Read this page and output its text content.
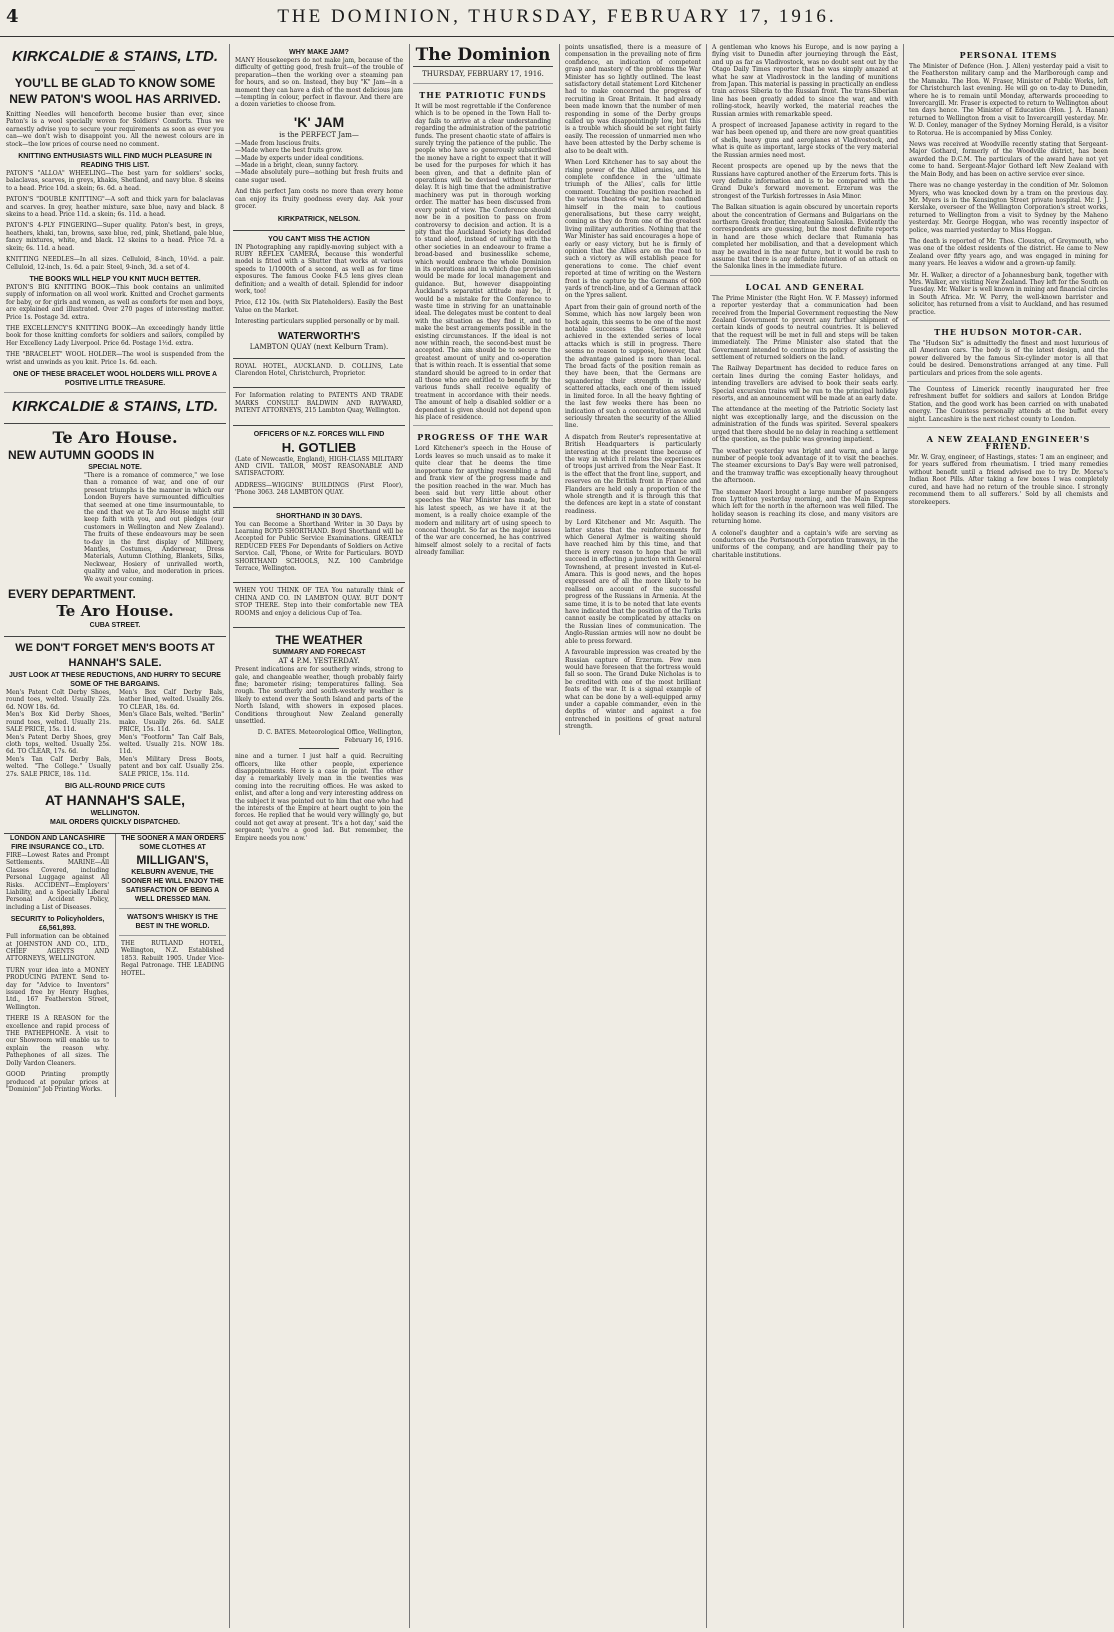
4	THE DOMINION, THURSDAY, FEBRUARY 17, 1916.
KIRKCALDIE & STAINS, LTD.
YOU'LL BE GLAD TO KNOW SOME NEW PATON'S WOOL HAS ARRIVED.

Knitting Needles will henceforth become busier than ever, since Paton's is a wool specially woven for Soldiers' Comforts. Thus we earnestly advise you to secure your requirements as soon as ever you can—we don't wish to disappoint you. All the newest colours are in stock—the low prices of course need no comment.

KNITTING ENTHUSIASTS WILL FIND MUCH PLEASURE IN READING THIS LIST.

PATON'S "ALLOA" WHEELING—The best yarn for soldiers' socks, balaclavas, scarves, in greys, khakis, Shetland, and navy blue. 8 skeins to a head. Price 10d. a skein; 6s. 6d. a head.

PATON'S "DOUBLE KNITTING"—A soft and thick yarn for balaclavas and scarves. In grey, heather mixture, saxe blue, navy and black. 8 skeins to a head. Price 11d. a skein; 6s. 11d. a head.

PATON'S 4-PLY FINGERING—Super quality. Paton's best, in greys, heathers, khaki, tan, browns, saxe blue, red, pink, Shetland, pale blue, fancy mixtures, white, and black. 12 skeins to a head. Price 7d. a skein; 6s. 11d. a head.

KNITTING NEEDLES—In all sizes. Celluloid, 8-inch, 10½d. a pair. Celluloid, 12-inch, 1s. 6d. a pair. Steel, 9-inch, 3d. a set of 4.

THE BOOKS WILL HELP YOU KNIT MUCH BETTER.

PATON'S BIG KNITTING BOOK—This book contains an unlimited supply of information on all wool work. Knitted and Crochet garments for baby, or for girls and women, as well as comforts for men and boys, are explained and illustrated. Over 270 pages of interesting matter. Price 1s. Postage 3d. extra.

THE EXCELLENCY'S KNITTING BOOK—An exceedingly handy little book for those knitting comforts for soldiers and sailors, compiled by Her Excellency Lady Liverpool. Price 6d. Postage 1½d. extra.

THE "BRACELET" WOOL HOLDER—The wool is suspended from the wrist and unwinds as you knit. Price 1s. 6d. each.

ONE OF THESE BRACELET WOOL HOLDERS WILL PROVE A POSITIVE LITTLE TREASURE.
KIRKCALDIE & STAINS, LTD.
Te Aro House.
NEW AUTUMN GOODS IN
SPECIAL NOTE.

"There is a romance of commerce," we lose than a romance of war, and one of our present triumphs is the manner in which our London Buyers have surmounted difficulties that seemed at one time insurmountable, to the end that we at Te Aro House might still keep faith with you, and out pledges (our customers in Wellington and New Zealand). The fruits of these endeavours may be seen to-day in the first display of Millinery, Mantles, Costumes, Anderwear, Dress Materials, Autumn Clothing, Blankets, Silks, Neckwear, Hosiery of unrivalled worth, quality and value, and moderation in prices. We await your coming.

EVERY DEPARTMENT.
Te Aro House.
CUBA STREET.
WE DON'T FORGET MEN'S BOOTS AT HANNAH'S SALE.
JUST LOOK AT THESE REDUCTIONS, AND HURRY TO SECURE SOME OF THE BARGAINS.

Men's Patent Colt Derby Shoes, round toes, welted. Usually 22s. 6d. NOW 18s. 6d.
Men's Box Kid Derby Shoes, round toes, welted. Usually 21s. SALE PRICE, 15s. 11d.
Men's Patent Derby Shoes, grey cloth tops, welted. Usually 25s. 6d. TO CLEAR, 17s. 6d.
Men's Tan Calf Derby Bals, welted. "The College." Usually 27s. SALE PRICE, 18s. 11d.

Men's Box Calf Derby Bals, leather lined, welted. Usually 26s. TO CLEAR, 18s. 6d.
Men's Glace Bals, welted. "Berlin" make. Usually 26s. 6d. SALE PRICE, 15s. 11d.
Men's "Footform" Tan Calf Bals, welted. Usually 21s. NOW 18s. 11d.
Men's Military Dress Boots, patent and box calf. Usually 25s. SALE PRICE, 15s. 11d.

BIG ALL-ROUND PRICE CUTS
AT HANNAH'S SALE,
WELLINGTON.
MAIL ORDERS QUICKLY DISPATCHED.
LONDON AND LANCASHIRE FIRE INSURANCE CO., LTD.

FIRE—Lowest Rates and Prompt Settlements. MARINE—All Classes Covered, including Personal Luggage against All Risks. ACCIDENT—Employers' Liability, and a Specially Liberal Personal Accident Policy, including a List of Diseases.

SECURITY to Policyholders, £6,561,893.

Full information can be obtained at JOHNSTON AND CO., LTD., CHIEF AGENTS AND ATTORNEYS, WELLINGTON.

TURN your idea into a MONEY PRODUCING PATENT. Send to-day for "Advice to Inventors" issued free by Henry Hughes, Ltd., 167 Featherston Street, Wellington.

THERE IS A REASON for the excellence and rapid process of THE PATHEPHONE. A visit to our Showroom will enable us to explain the reason why. Pathephones of all sizes. The Dolly Vardon Cleaners.

GOOD Printing promptly produced at popular prices at "Dominion" Job Printing Works.

THE SOONER A MAN ORDERS SOME CLOTHES AT
MILLIGAN'S,
KELBURN AVENUE, THE SOONER HE WILL ENJOY THE SATISFACTION OF BEING A WELL DRESSED MAN.
WATSON'S WHISKY IS THE BEST IN THE WORLD.

THE RUTLAND HOTEL, Wellington, N.Z. Established 1853. Rebuilt 1905. Under Vice-Regal Patronage. THE LEADING HOTEL.

WHY MAKE JAM?

MANY Housekeepers do not make jam, because of the difficulty of getting good, fresh fruit—of the trouble of preparation—then the working over a steaming pan for hours, and so on. Instead, they buy "K" Jam—in a moment they can have a dish of the most delicious jam—tempting in colour, perfect in flavour. And there are a dozen varieties to choose from.

'K' JAM
is the PERFECT Jam—

—Made from luscious fruits.
—Made where the best fruits grow.
—Made by experts under ideal conditions.
—Made in a bright, clean, sunny factory.
—Made absolutely pure—nothing but fresh fruits and cane sugar used.

And this perfect Jam costs no more than every home can enjoy its fruity goodness every day. Ask your grocer.

KIRKPATRICK, NELSON.
YOU CAN'T MISS THE ACTION

IN Photographing any rapidly-moving subject with a RUBY REFLEX CAMERA, because this wonderful model is fitted with a Shutter that works at various speeds to 1/1000th of a second, as well as for time exposures. The famous Cooke F4.5 lens gives clean definition; and a wealth of detail. Splendid for indoor work, too!

Price, £12 10s. (with Six Plateholders). Easily the Best Value on the Market.

Interesting particulars supplied personally or by mail.

WATERWORTH'S
LAMBTON QUAY (next Kelburn Tram).

ROYAL HOTEL, AUCKLAND. D. COLLINS, Late Clarendon Hotel, Christchurch, Proprietor.

For Information relating to PATENTS AND TRADE MARKS CONSULT BALDWIN AND RAYWARD, PATENT ATTORNEYS, 215 Lambton Quay, Wellington.

OFFICERS OF N.Z. FORCES WILL FIND
H. GOTLIEB

(Late of Newcastle, England), HIGH-CLASS MILITARY AND CIVIL TAILOR, MOST REASONABLE AND SATISFACTORY.

ADDRESS—WIGGINS' BUILDINGS (First Floor), 'Phone 3063. 248 LAMBTON QUAY.

SHORTHAND IN 30 DAYS.

You can Become a Shorthand Writer in 30 Days by Learning BOYD SHORTHAND. Boyd Shorthand will be Accepted for Public Service Examinations. GREATLY REDUCED FEES For Dependants of Soldiers on Active Service. Call, 'Phone, or Write for Particulars. BOYD SHORTHAND SCHOOLS, N.Z. 100 Cambridge Terrace, Wellington.

WHEN YOU THINK OF TEA You naturally think of CHINA AND CO. IN LAMBTON QUAY. BUT DON'T STOP THERE. Step into their comfortable new TEA ROOMS and enjoy a delicious Cup of Tea.

THE WEATHER
SUMMARY AND FORECAST
AT 4 P.M. YESTERDAY.

Present indications are for southerly winds, strong to gale, and changeable weather, though probably fairly fine; barometer rising; temperatures falling. Sea rough. The southerly and south-westerly weather is likely to extend over the South Island and parts of the North Island, with showers in exposed places. Conditions throughout New Zealand generally unsettled.

D. C. BATES. Meteorological Office, Wellington, February 16, 1916.

nine and a turner. I just half a quid. Recruiting officers, like other people, experience disappointments. Here is a case in point. The other day a remarkably lively man in the twenties was coming into the recruiting offices. He was asked to enlist, and after a long and very interesting address on the subject it was pointed out to him that one who had the interests of the Empire at heart ought to join the forces. He replied that he would very willingly go, but could not get away at present. 'It's a hot day,' said the sergeant; 'you're a good lad. But remember, the Empire needs you now.'

The Dominion
THURSDAY, FEBRUARY 17, 1916.
THE PATRIOTIC FUNDS

It will be most regrettable if the Conference which is to be opened in the Town Hall to-day fails to arrive at a clear understanding regarding the administration of the patriotic funds. The present chaotic state of affairs is surely trying the patience of the public. The people who have so generously subscribed the money have a right to expect that it will be used for the purposes for which it has been given, and that a definite plan of operations will be devised without further delay. It is high time that the administrative machinery was put in thorough working order. The matter has been discussed from every point of view. The Conference should now be in a position to pass on from controversy to decision and action. It is a pity that the Auckland Society has decided to stand aloof, instead of uniting with the other societies in an endeavour to frame a broad-based and businesslike scheme, which would embrace the whole Dominion in its operations and in which due provision would be made for local management and guidance. But, however disappointing Auckland's separatist attitude may be, it would be a mistake for the Conference to waste time in striving for an unattainable ideal. The delegates must be content to deal with the situation as they find it, and to make the best arrangements possible in the existing circumstances. If the ideal is not now within reach, the second-best must be accepted. The aim should be to secure the greatest amount of unity and co-operation that is within reach. It is essential that some standard should be agreed to in order that all those who are entitled to benefit by the various funds shall receive equality of treatment in accordance with their needs. The amount of help a disabled soldier or a dependent is given should not depend upon his place of residence.

PROGRESS OF THE WAR

Lord Kitchener's speech in the House of Lords leaves so much unsaid as to make it quite clear that he deems the time inopportune for anything resembling a full and frank view of the progress made and the position reached in the war. Much has been said but very little about other speeches the War Minister has made, but his latest speech, as we have it at the moment, is a really choice example of the modern and military art of using speech to conceal thought. So far as the major issues of the war are concerned, he has contrived himself almost solely to a recital of facts already familiar.

points unsatisfied, there is a measure of compensation in the prevailing note of firm confidence, an indication of competent grasp and mastery of the problems the War Minister has so lightly outlined. The least satisfactory detail statement Lord Kitchener had to make concerned the progress of recruiting in Great Britain. It had already been made known that the number of men responding in some of the Derby groups called up was disappointingly low, but this is a trouble which should be set right fairly easily. The recession of unmarried men who have been attested by the Derby scheme is also to be dealt with.

When Lord Kitchener has to say about the rising power of the Allied armies, and his complete confidence in the 'ultimate triumph of the Allies', calls for little comment. Touching the position reached in the various theatres of war, he has confined himself in the main to cautious generalisations, but these carry weight, coming as they do from one of the greatest living military authorities. Nothing that the War Minister has said encourages a hope of early or easy victory, but he is firmly of opinion that the Allies are on the road to such a victory as will establish peace for generations to come. The chief event reported at time of writing on the Western front is the capture by the Germans of 600 yards of trench-line, and of a German attack on the Ypres salient.

Apart from their gain of ground north of the Somme, which has now largely been won back again, this seems to be one of the most notable successes the Germans have achieved in the extended series of local attacks which is still in progress. There seems no reason to suppose, however, that the advantage gained is more than local. The broad facts of the position remain as they have been, that the Germans are squandering their strength in widely scattered attacks, each one of them issued in limited force. In all the heavy fighting of the last few weeks there has been no indication of such a concentration as would seriously threaten the security of the Allied line.

A dispatch from Reuter's representative at British Headquarters is particularly interesting at the present time because of the way in which it relates the experiences of troops just arrived from the Near East. It is the effect that the front line, support, and reserves on the British front in France and Flanders are held only a proportion of the whole strength and it is through this that the defences are kept in a state of constant readiness.

by Lord Kitchener and Mr. Asquith. The latter states that the reinforcements for which General Aylmer is waiting should have reached him by this time, and that there is every reason to hope that he will succeed in effecting a junction with General Townshend, at present invested in Kut-el-Amara. This is good news, and the hopes expressed are of all the more likely to be realised on account of the successful progress of the Russians in Armenia. At the same time, it is to be noted that late events have indicated that the position of the Turks cannot easily be complicated by attacks on the Russian lines of communication. The Anglo-Russian armies will now no doubt be able to press forward.

A favourable impression was created by the Russian capture of Erzerum. Few men would have foreseen that the fortress would fall so soon. The Grand Duke Nicholas is to be credited with one of the most brilliant feats of the war. It is a signal example of what can be done by a well-equipped army under a capable commander, even in the depths of winter and against a foe entrenched in positions of great natural strength.

A gentleman who knows his Europe, and is now paying a flying visit to Dunedin after journeying through the East, and up as far as Vladivostock, was no doubt sent out by the Otago Daily Times reporter that he was simply amazed at what he saw at Vladivostock in the landing of munitions from Japan. This material is passing in practically an endless train across Siberia to the Russian front. The trans-Siberian line has been greatly added to since the war, and with rolling-stock, heavily worked, the material reaches the Russian armies with remarkable speed.

A prospect of increased Japanese activity in regard to the war has been opened up, and there are now great quantities of shells, heavy guns and aeroplanes at Vladivostock, and what is quite as important, large stocks of the very material the Russian armies need most.

Recent prospects are opened up by the news that the Russians have captured another of the Erzerum forts. This is very definite information and is to be compared with the Grand Duke's forward movement. Erzerum was the strongest of the Turkish fortresses in Asia Minor.

The Balkan situation is again obscured by uncertain reports about the concentration of Germans and Bulgarians on the northern Greek frontier, threatening Salonika. Evidently the correspondents are guessing, but the most definite reports in hand are those which declare that Rumania has completed her mobilisation, and that a development which may be awaited in the near future, but it would be rash to assume that there is any definite intention of an attack on the Salonika lines in the immediate future.

LOCAL AND GENERAL

The Prime Minister (the Right Hon. W. F. Massey) informed a reporter yesterday that a communication had been received from the Imperial Government requesting the New Zealand Government to prevent any further shipment of certain kinds of goods to neutral countries. It is believed that the request will be met in full and steps will be taken immediately. The Prime Minister also stated that the Government intended to continue its policy of assisting the settlement of returned soldiers on the land.

The Railway Department has decided to reduce fares on certain lines during the coming Easter holidays, and intending travellers are advised to book their seats early. Special excursion trains will be run to the principal holiday resorts, and an announcement will be made at an early date.

The attendance at the meeting of the Patriotic Society last night was exceptionally large, and the discussion on the administration of the funds was spirited. Several speakers urged that there should be no delay in reaching a settlement of the question, as the public was growing impatient.

The weather yesterday was bright and warm, and a large number of people took advantage of it to visit the beaches. The steamer excursions to Day's Bay were well patronised, and the tramway traffic was exceptionally heavy throughout the afternoon.

The steamer Maori brought a large number of passengers from Lyttelton yesterday morning, and the Main Express which left for the north in the afternoon was well filled. The holiday season is reaching its close, and many visitors are returning home.

A colonel's daughter and a captain's wife are serving as conductors on the Portsmouth Corporation tramways, in the uniforms of the company, and are handling their pay to charitable institutions.

PERSONAL ITEMS

The Minister of Defence (Hon. J. Allen) yesterday paid a visit to the Featherston military camp and the Marlborough camp and the Mamaku. The Hon. W. Fraser, Minister of Public Works, left for Christchurch last evening. He will go on to-day to Dunedin, where he is to remain until Monday, afterwards proceeding to Invercargill. Mr. Fraser is expected to return to Wellington about ten days hence. The Minister of Education (Hon. J. A. Hanan) returned to Wellington from a visit to Invercargill yesterday. Mr. W. D. Conley, manager of the Sydney Morning Herald, is a visitor to Rotorua. He is accompanied by Miss Conley.

News was received at Woodville recently stating that Sergeant-Major Gothard, formerly of the Woodville district, has been awarded the D.C.M. The particulars of the award have not yet come to hand. Sergeant-Major Gothard left New Zealand with the Main Body, and has been on active service ever since.

There was no change yesterday in the condition of Mr. Solomon Myers, who was knocked down by a tram on the previous day. Mr. Myers is in the Kensington Street private hospital. Mr. J. J. Kerslake, overseer of the Wellington Corporation's street works, returned to Wellington from a visit to Sydney by the Maheno yesterday. Mr. George Hoggan, who was recently inspector of police, was married yesterday to Miss Hoggan.

The death is reported of Mr. Thos. Clouston, of Greymouth, who was one of the oldest residents of the district. He came to New Zealand over fifty years ago, and was engaged in mining for many years. He leaves a widow and a grown-up family.

Mr. H. Walker, a director of a Johannesburg bank, together with Mrs. Walker, are visiting New Zealand. They left for the South on Tuesday. Mr. Walker is well known in mining and financial circles in South Africa. Mr. W. Perry, the well-known barrister and solicitor, has returned from a visit to Auckland, and has resumed practice.

THE HUDSON MOTOR-CAR.

The "Hudson Six" is admittedly the finest and most luxurious of all American cars. The body is of the latest design, and the power delivered by the famous Six-cylinder motor is all that could be desired. Demonstrations arranged at any time. Full particulars and prices from the sole agents.

The Countess of Limerick recently inaugurated her free refreshment buffet for soldiers and sailors at London Bridge Station, and the good work has been carried on with unabated energy. The Countess personally attends at the buffet every night. Lancashire is the next richest county to London.

A NEW ZEALAND ENGINEER'S FRIEND.

Mr. W. Gray, engineer, of Hastings, states: 'I am an engineer, and for years suffered from rheumatism. I tried many remedies without benefit until a friend advised me to try Dr. Morse's Indian Root Pills. After taking a few boxes I was completely cured, and have had no return of the trouble since. I strongly recommend them to all sufferers.' Sold by all chemists and storekeepers.
